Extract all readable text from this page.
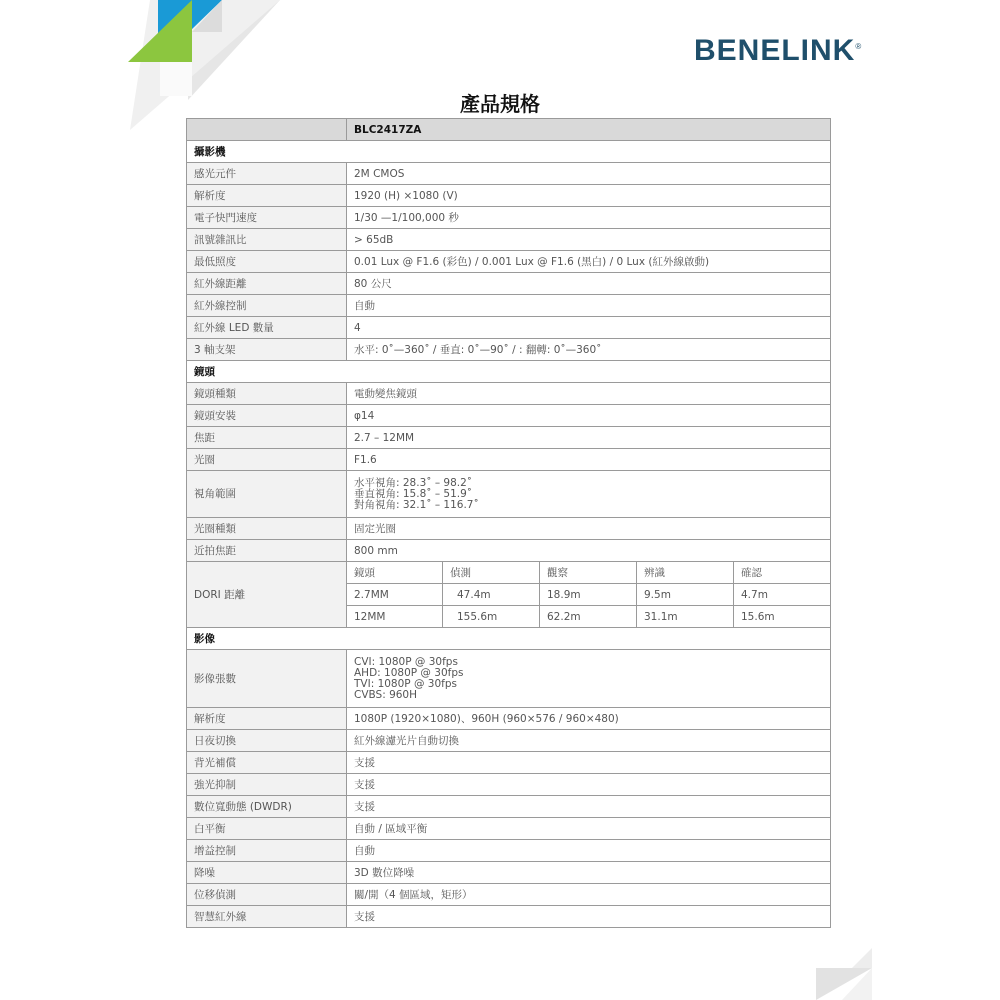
BENELINK®
產品規格
	BLC2417ZA				
攝影機					
感光元件	2M CMOS				
解析度	1920 (H) ×1080 (V)				
電子快門速度	1/30 —1/100,000 秒				
訊號雜訊比	> 65dB				
最低照度	0.01 Lux @ F1.6 (彩色) / 0.001 Lux @ F1.6 (黑白) / 0 Lux (紅外線啟動)				
紅外線距離	80 公尺				
紅外線控制	自動				
紅外線 LED 數量	4				
3 軸支架	水平: 0˚—360˚ / 垂直: 0˚—90˚ / : 翻轉: 0˚—360˚				
鏡頭					
鏡頭種類	電動變焦鏡頭				
鏡頭安裝	φ14				
焦距	2.7 – 12MM				
光圈	F1.6				
視角範圍	水平視角: 28.3˚ – 98.2˚
垂直視角: 15.8˚ – 51.9˚
對角視角: 32.1˚ – 116.7˚				

光圈種類	固定光圈				
近拍焦距	800 mm				
DORI 距離	鏡頭	偵測	觀察	辨識	確認
	2.7MM	47.4m	18.9m	9.5m	4.7m
	12MM	155.6m	62.2m	31.1m	15.6m
影像					
影像張數	CVI: 1080P @ 30fps
AHD: 1080P @ 30fps
TVI: 1080P @ 30fps
CVBS: 960H				

解析度	1080P (1920×1080)、960H (960×576 / 960×480)				
日夜切換	紅外線濾光片自動切換				
背光補償	支援				
強光抑制	支援				
數位寬動態 (DWDR)	支援				
白平衡	自動 / 區域平衡				
增益控制	自動				
降噪	3D 數位降噪				
位移偵測	關/開（4 個區域，矩形）				
智慧紅外線	支援				
